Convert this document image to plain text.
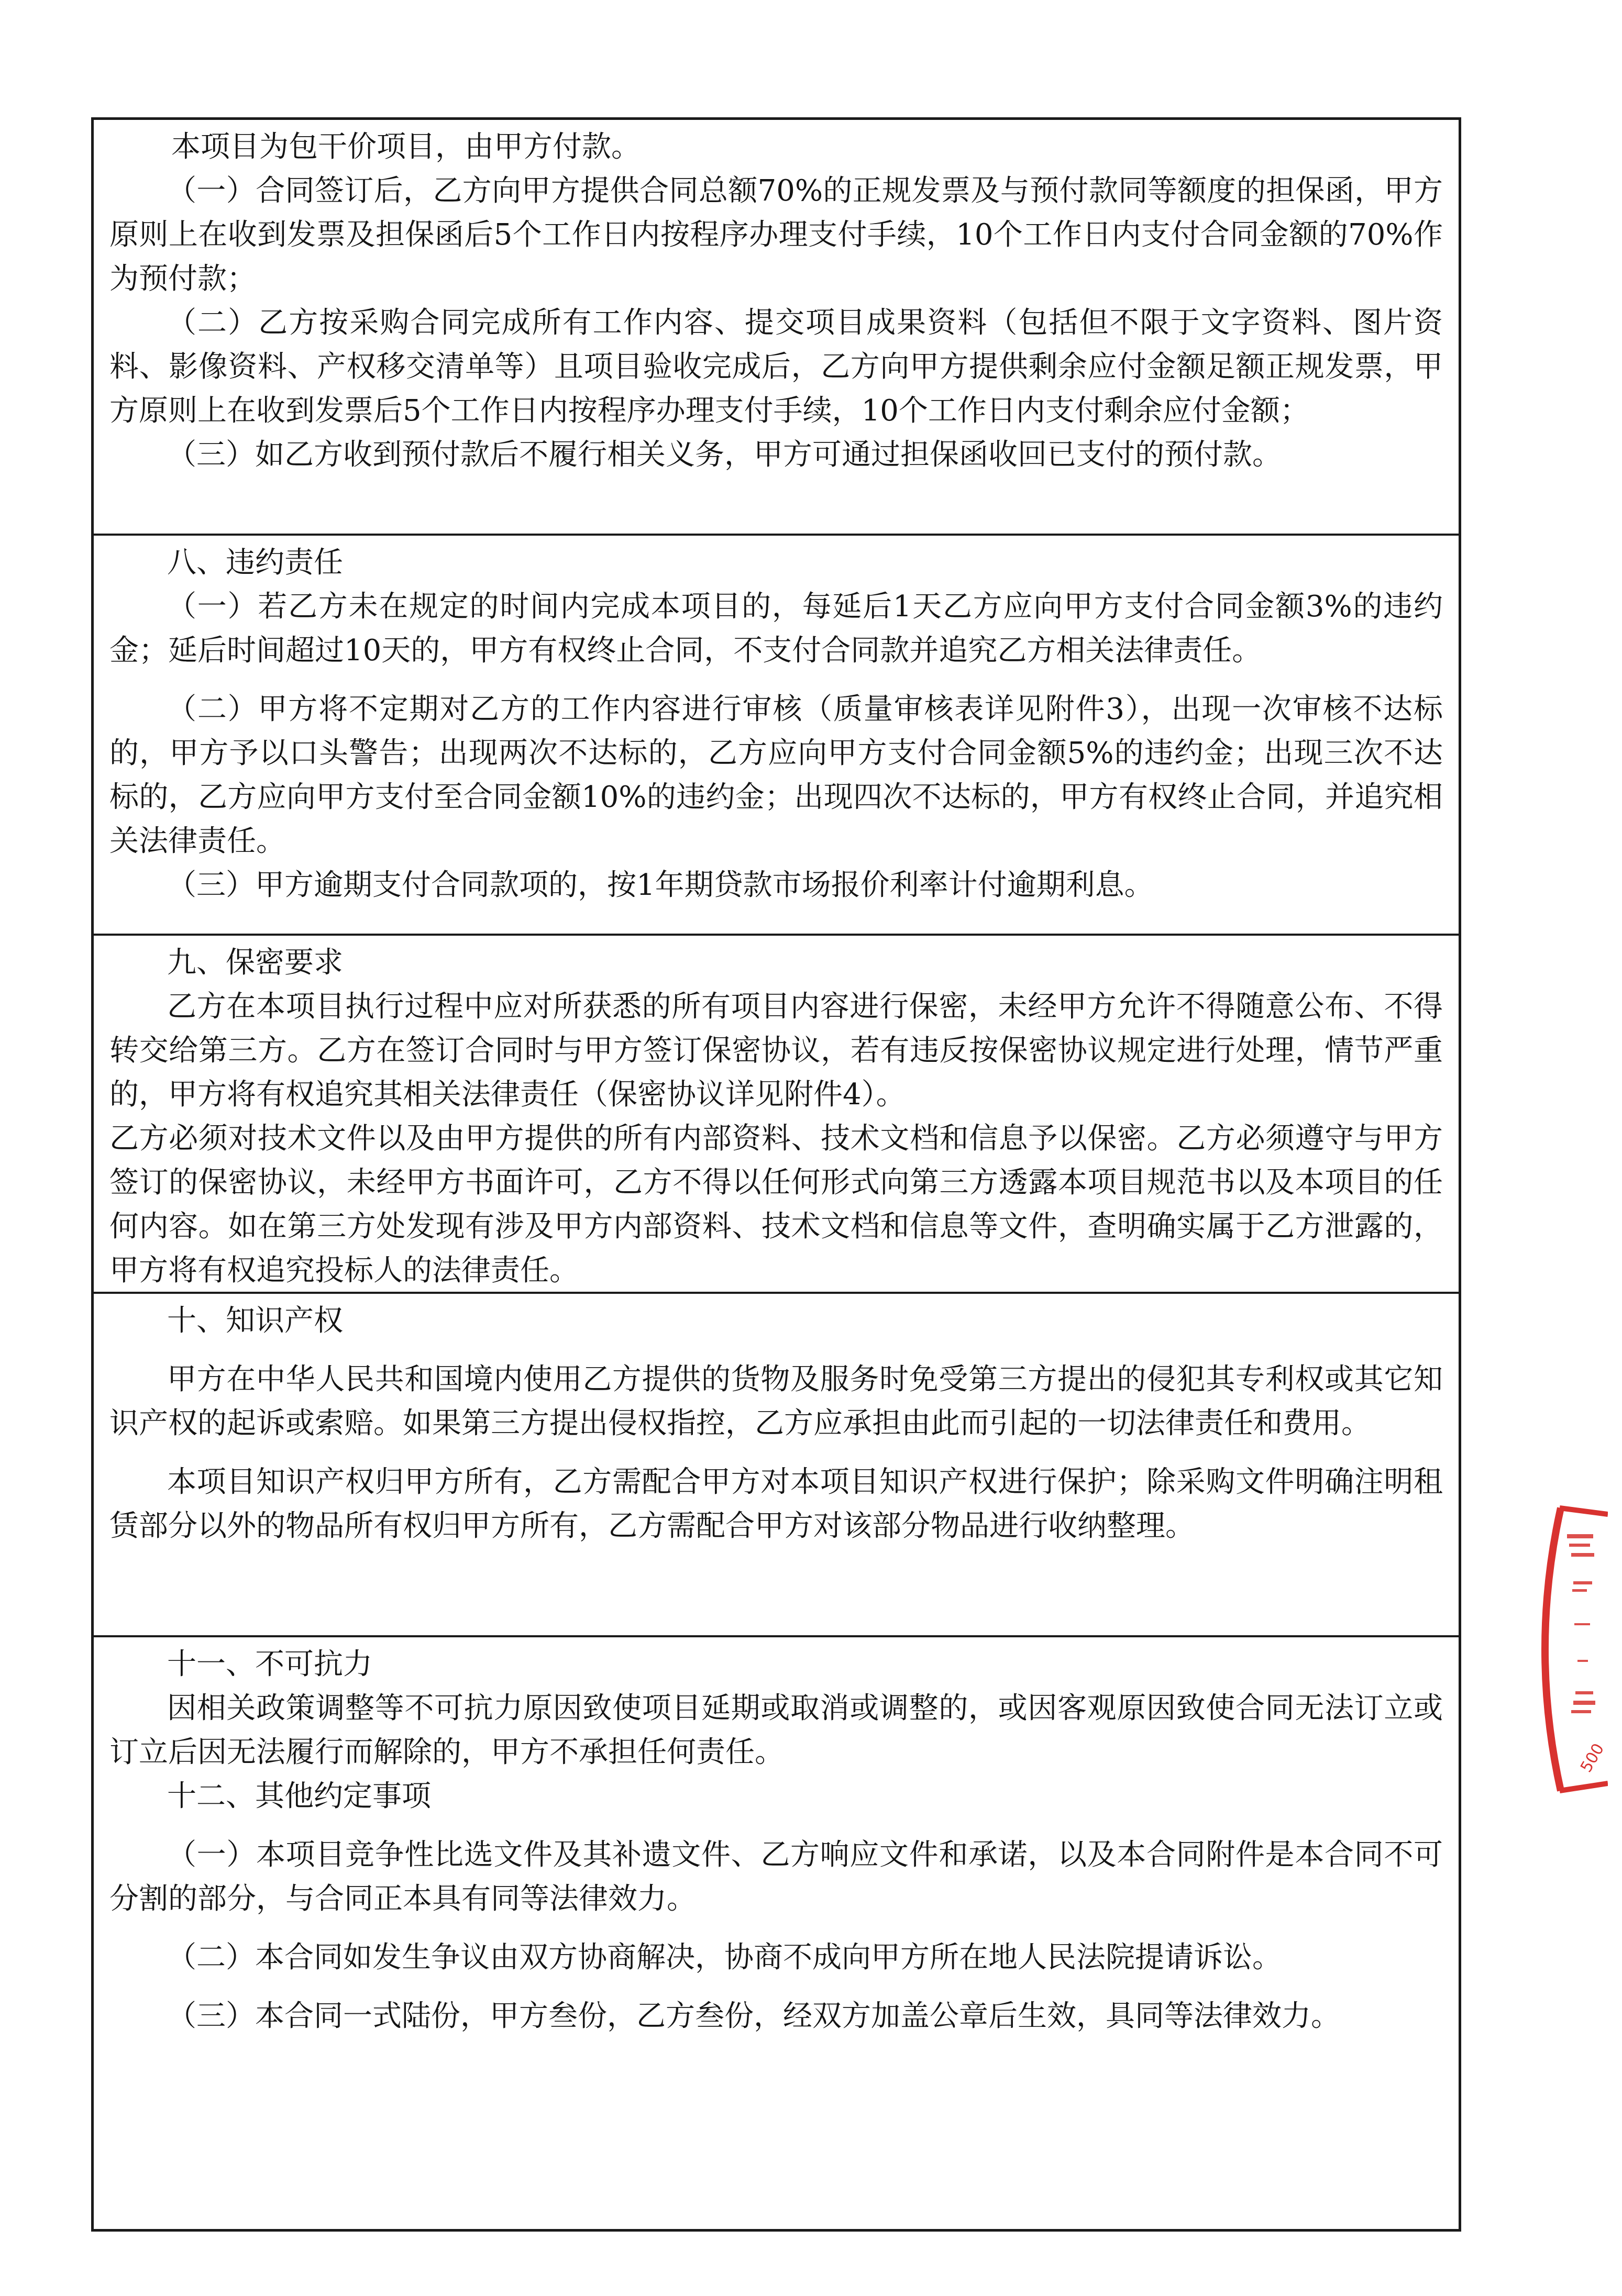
本项目为包干价项目，由甲方付款。

（一）合同签订后，乙方向甲方提供合同总额70%的正规发票及与预付款同等额度的担保函，甲方原则上在收到发票及担保函后5个工作日内按程序办理支付手续，10个工作日内支付合同金额的70%作为预付款；

（二）乙方按采购合同完成所有工作内容、提交项目成果资料（包括但不限于文字资料、图片资料、影像资料、产权移交清单等）且项目验收完成后，乙方向甲方提供剩余应付金额足额正规发票，甲方原则上在收到发票后5个工作日内按程序办理支付手续，10个工作日内支付剩余应付金额；

（三）如乙方收到预付款后不履行相关义务，甲方可通过担保函收回已支付的预付款。

八、违约责任

（一）若乙方未在规定的时间内完成本项目的，每延后1天乙方应向甲方支付合同金额3%的违约金；延后时间超过10天的，甲方有权终止合同，不支付合同款并追究乙方相关法律责任。

（二）甲方将不定期对乙方的工作内容进行审核（质量审核表详见附件3），出现一次审核不达标的，甲方予以口头警告；出现两次不达标的，乙方应向甲方支付合同金额5%的违约金；出现三次不达标的，乙方应向甲方支付至合同金额10%的违约金；出现四次不达标的，甲方有权终止合同，并追究相关法律责任。

（三）甲方逾期支付合同款项的，按1年期贷款市场报价利率计付逾期利息。

九、保密要求

乙方在本项目执行过程中应对所获悉的所有项目内容进行保密，未经甲方允许不得随意公布、不得转交给第三方。乙方在签订合同时与甲方签订保密协议，若有违反按保密协议规定进行处理，情节严重的，甲方将有权追究其相关法律责任（保密协议详见附件4）。

乙方必须对技术文件以及由甲方提供的所有内部资料、技术文档和信息予以保密。乙方必须遵守与甲方签订的保密协议，未经甲方书面许可，乙方不得以任何形式向第三方透露本项目规范书以及本项目的任何内容。如在第三方处发现有涉及甲方内部资料、技术文档和信息等文件，查明确实属于乙方泄露的，甲方将有权追究投标人的法律责任。

十、知识产权

甲方在中华人民共和国境内使用乙方提供的货物及服务时免受第三方提出的侵犯其专利权或其它知识产权的起诉或索赔。如果第三方提出侵权指控，乙方应承担由此而引起的一切法律责任和费用。

本项目知识产权归甲方所有，乙方需配合甲方对本项目知识产权进行保护；除采购文件明确注明租赁部分以外的物品所有权归甲方所有，乙方需配合甲方对该部分物品进行收纳整理。

十一、不可抗力

因相关政策调整等不可抗力原因致使项目延期或取消或调整的，或因客观原因致使合同无法订立或订立后因无法履行而解除的，甲方不承担任何责任。

十二、其他约定事项

（一）本项目竞争性比选文件及其补遗文件、乙方响应文件和承诺，以及本合同附件是本合同不可分割的部分，与合同正本具有同等法律效力。

（二）本合同如发生争议由双方协商解决，协商不成向甲方所在地人民法院提请诉讼。

（三）本合同一式陆份，甲方叁份，乙方叁份，经双方加盖公章后生效，具同等法律效力。

500
